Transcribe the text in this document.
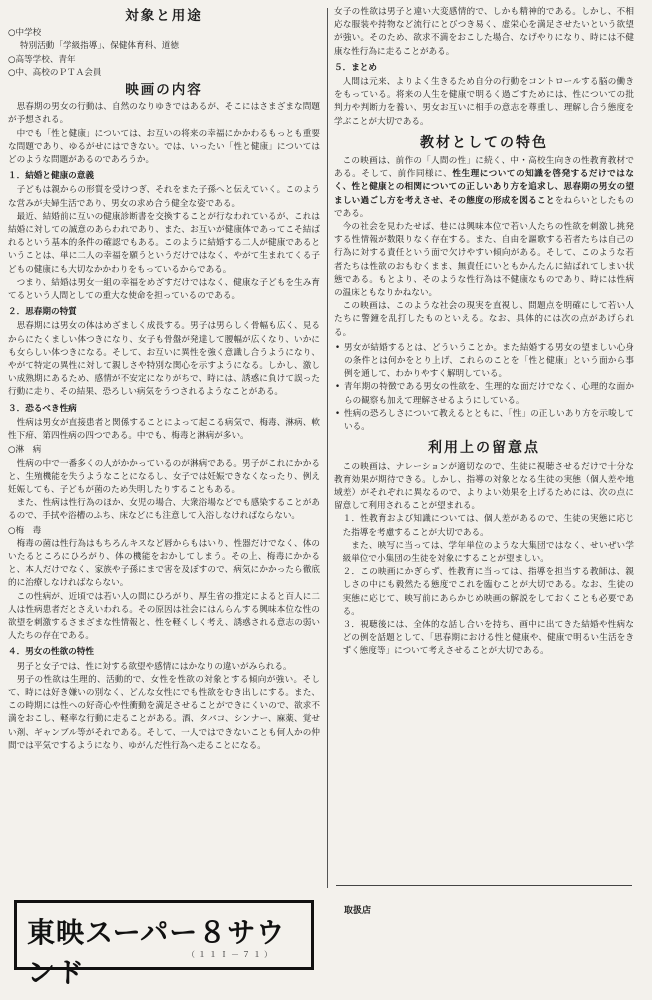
対象と用途

○中学校

特別活動「学級指導」、保健体育科、道徳

○高等学校、青年

○中、高校のＰＴＡ会員

映画の内容

思春期の男女の行動は、自然のなりゆきではあるが、そこにはさまざまな問題が予想される。

中でも「性と健康」については、お互いの将来の幸福にかかわるもっとも重要な問題であり、ゆるがせにはできない。では、いったい「性と健康」についてはどのような問題があるのであろうか。

１．結婚と健康の意義

子どもは親からの形質を受けつぎ、それをまた子孫へと伝えていく。このような営みが夫婦生活であり、男女の求め合う健全な姿である。

最近、結婚前に互いの健康診断書を交換することが行なわれているが、これは結婚に対しての誠意のあらわれであり、また、お互いが健康体であってこそ結ばれるという基本的条件の確認でもある。このように結婚する二人が健康であるということは、単に二人の幸福を願うというだけではなく、やがて生まれてくる子どもの健康にも大切なかかわりをもっているからである。

つまり、結婚は男女一組の幸福をめざすだけではなく、健康な子どもを生み育てるという人間としての重大な使命を担っているのである。

２．思春期の特質

思春期には男女の体はめざましく成長する。男子は男らしく骨幅も広く、見るからにたくましい体つきになり、女子も骨盤が発達して腰幅が広くなり、いかにも女らしい体つきになる。そして、お互いに異性を強く意識し合うようになり、やがて特定の異性に対して親しさや特別な関心を示すようになる。しかし、激しい成熟期にあるため、感情が不安定になりがちで、時には、誘惑に負けて誤った行動に走り、その結果、恐ろしい病気をうつされるようなことがある。

３．恐るべき性病

性病は男女が直接患者と関係することによって起こる病気で、梅毒、淋病、軟性下疳、第四性病の四つである。中でも、梅毒と淋病が多い。

○淋　病

性病の中で一番多くの人がかかっているのが淋病である。男子がこれにかかると、生殖機能を失うようなことになるし、女子では妊娠できなくなったり、例え妊娠しても、子どもが菌のため失明したりすることもある。

また、性病は性行為のほか、女児の場合、大衆浴場などでも感染することがあるので、手拭や浴槽のふち、床などにも注意して入浴しなければならない。

○梅　毒

梅毒の菌は性行為はもちろんキスなど唇からもはいり、性器だけでなく、体のいたるところにひろがり、体の機能をおかしてしまう。その上、梅毒にかかると、本人だけでなく、家族や子孫にまで害を及ぼすので、病気にかかったら徹底的に治療しなければならない。

この性病が、近頃では若い人の間にひろがり、厚生省の推定によると百人に二人は性病患者だとさえいわれる。その原因は社会にはんらんする興味本位な性の欲望を刺激するさまざまな性情報と、性を軽くしく考え、誘惑される意志の弱い人たちの存在である。

４．男女の性欲の特性

男子と女子では、性に対する欲望や感情にはかなりの違いがみられる。

男子の性欲は生理的、活動的で、女性を性欲の対象とする傾向が強い。そして、時には好き嫌いの別なく、どんな女性にでも性欲をむき出しにする。また、この時期には性への好奇心や性衝動を満足させることができにくいので、欲求不満をおこし、軽率な行動に走ることがある。酒、タバコ、シンナー、麻薬、覚せい剤、ギャンブル等がそれである。そして、一人ではできないことも何人かの仲間では平気でするようになり、ゆがんだ性行為へ走ることになる。

女子の性欲は男子と違い大変感情的で、しかも精神的である。しかし、不相応な服装や持物など流行にとびつき易く、虚栄心を満足させたいという欲望が強い。そのため、欲求不満をおこした場合、なげやりになり、時には不健康な性行為に走ることがある。

５．まとめ

人間は元来、よりよく生きるため自分の行動をコントロールする脳の働きをもっている。将来の人生を健康で明るく過ごすためには、性についての批判力や判断力を養い、男女お互いに相手の意志を尊重し、理解し合う態度を学ぶことが大切である。

教材としての特色

この映画は、前作の「人間の性」に続く、中・高校生向きの性教育教材である。そして、前作同様に、性生理についての知識を啓発するだけではなく、性と健康との相関についての正しいあり方を追求し、思春期の男女の望ましい過ごし方を考えさせ、その態度の形成を図ることをねらいとしたものである。

今の社会を見わたせば、巷には興味本位で若い人たちの性欲を刺激し挑発する性情報が数限りなく存在する。また、自由を謳歌する若者たちは自己の行為に対する責任という面で欠けやすい傾向がある。そして、このような若者たちは性欲のおもむくまま、無責任にいともかんたんに結ばれてしまい状態である。もとより、そのような性行為は不健康なものであり、時には性病の温床ともなりかねない。

この映画は、このような社会の現実を直視し、問題点を明確にして若い人たちに警鐘を乱打したものといえる。なお、具体的には次の点があげられる。

• 男女が結婚するとは、どういうことか。また結婚する男女の望ましい心身の条件とは何かをとり上げ、これらのことを「性と健康」という面から事例を通して、わかりやすく解明している。
• 青年期の特徴である男女の性欲を、生理的な面だけでなく、心理的な面からの観察も加えて理解させるようにしている。
• 性病の恐ろしさについて教えるとともに、「性」の正しいあり方を示唆している。
利用上の留意点

この映画は、ナレーションが適切なので、生徒に視聴させるだけで十分な教育効果が期待できる。しかし、指導の対象となる生徒の実態（個人差や地域差）がそれぞれに異なるので、よりよい効果を上げるためには、次の点に留意して利用されることが望まれる。

１．性教育および知識については、個人差があるので、生徒の実態に応じた指導を考慮することが大切である。

また、映写に当っては、学年単位のような大集団ではなく、せいぜい学級単位で小集団の生徒を対象にすることが望ましい。

２．この映画にかぎらず、性教育に当っては、指導を担当する教師は、親しさの中にも毅然たる態度でこれを臨むことが大切である。なお、生徒の実態に応じて、映写前にあらかじめ映画の解説をしておくことも必要である。

３．視聴後には、全体的な話し合いを持ち、画中に出てきた結婚や性病などの例を話題として、「思春期における性と健康や、健康で明るい生活をきずく態度等」について考えさせることが大切である。

東映スーパー８サウンド
（１１Ｉ－７１）
取扱店
